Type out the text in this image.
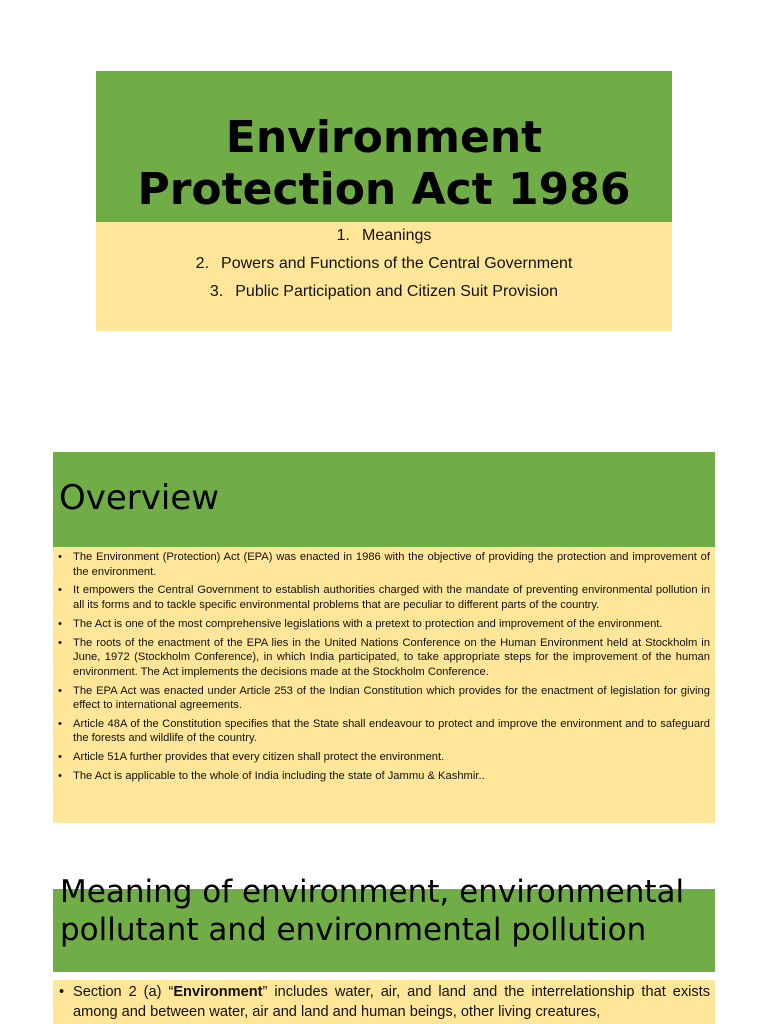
Environment
Protection Act 1986
1. Meanings
2. Powers and Functions of the Central Government
3. Public Participation and Citizen Suit Provision
Overview
• The Environment (Protection) Act (EPA) was enacted in 1986 with the objective of providing the protection and improvement of the environment.
• It empowers the Central Government to establish authorities charged with the mandate of preventing environmental pollution in all its forms and to tackle specific environmental problems that are peculiar to different parts of the country.
• The Act is one of the most comprehensive legislations with a pretext to protection and improvement of the environment.
• The roots of the enactment of the EPA lies in the United Nations Conference on the Human Environment held at Stockholm in June, 1972 (Stockholm Conference), in which India participated, to take appropriate steps for the improvement of the human environment. The Act implements the decisions made at the Stockholm Conference.
• The EPA Act was enacted under Article 253 of the Indian Constitution which provides for the enactment of legislation for giving effect to international agreements.
• Article 48A of the Constitution specifies that the State shall endeavour to protect and improve the environment and to safeguard the forests and wildlife of the country.
• Article 51A further provides that every citizen shall protect the environment.
• The Act is applicable to the whole of India including the state of Jammu & Kashmir..
Meaning of environment, environmental pollutant and environmental pollution

• Section 2 (a) “Environment” includes water, air, and land and the interrelationship that exists among and between water, air and land and human beings, other living creatures,
